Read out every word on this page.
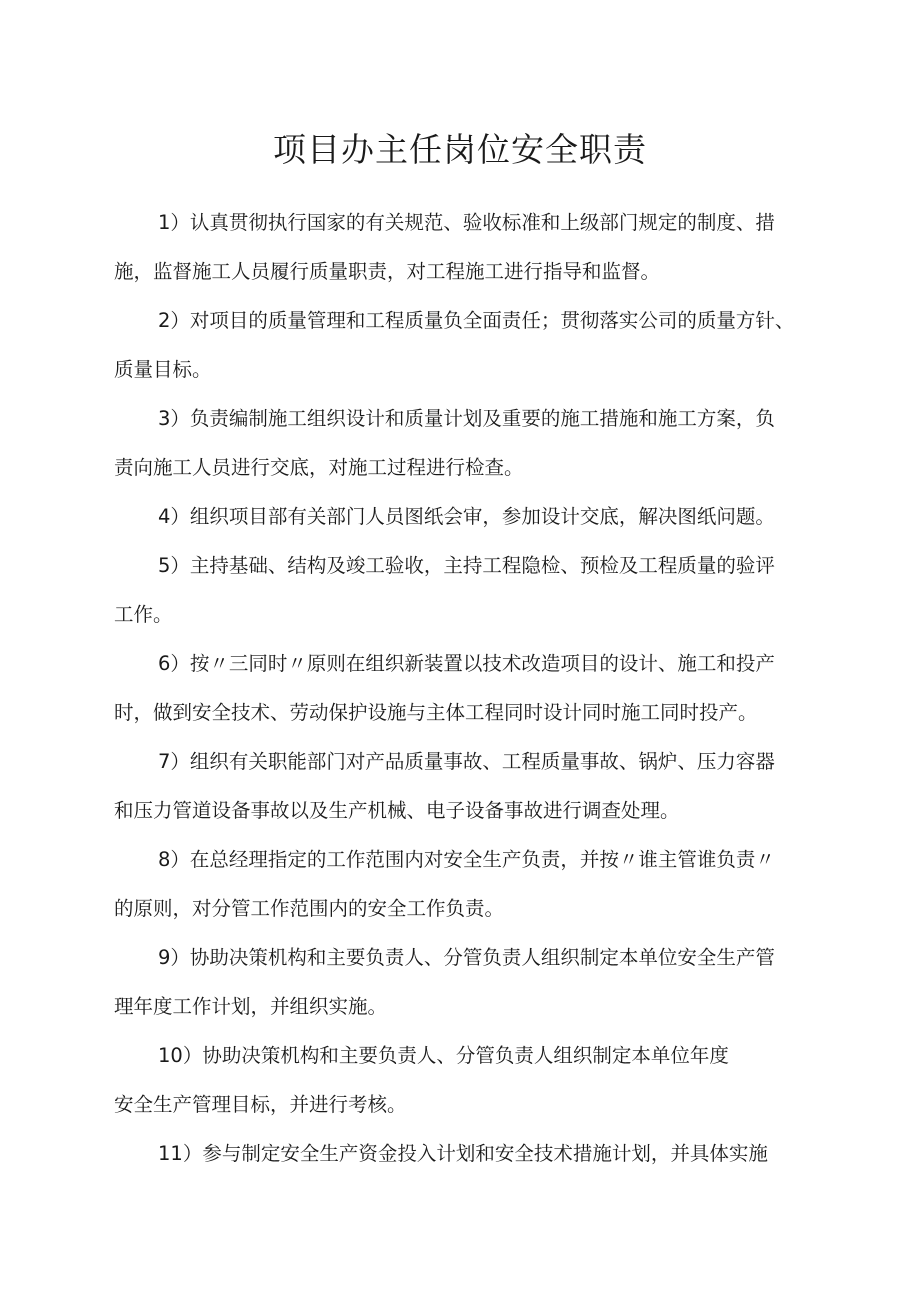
项目办主任岗位安全职责

1）认真贯彻执行国家的有关规范、验收标准和上级部门规定的制度、措
施，监督施工人员履行质量职责，对工程施工进行指导和监督。

2）对项目的质量管理和工程质量负全面责任；贯彻落实公司的质量方针、
质量目标。

3）负责编制施工组织设计和质量计划及重要的施工措施和施工方案，负
责向施工人员进行交底，对施工过程进行检查。

4）组织项目部有关部门人员图纸会审，参加设计交底，解决图纸问题。

5）主持基础、结构及竣工验收，主持工程隐检、预检及工程质量的验评
工作。

6）按〃三同时〃原则在组织新装置以技术改造项目的设计、施工和投产
时，做到安全技术、劳动保护设施与主体工程同时设计同时施工同时投产。

7）组织有关职能部门对产品质量事故、工程质量事故、锅炉、压力容器
和压力管道设备事故以及生产机械、电子设备事故进行调查处理。

8）在总经理指定的工作范围内对安全生产负责，并按〃谁主管谁负责〃
的原则，对分管工作范围内的安全工作负责。

9）协助决策机构和主要负责人、分管负责人组织制定本单位安全生产管
理年度工作计划，并组织实施。

10）协助决策机构和主要负责人、分管负责人组织制定本单位年度
安全生产管理目标，并进行考核。

11）参与制定安全生产资金投入计划和安全技术措施计划，并具体实施
